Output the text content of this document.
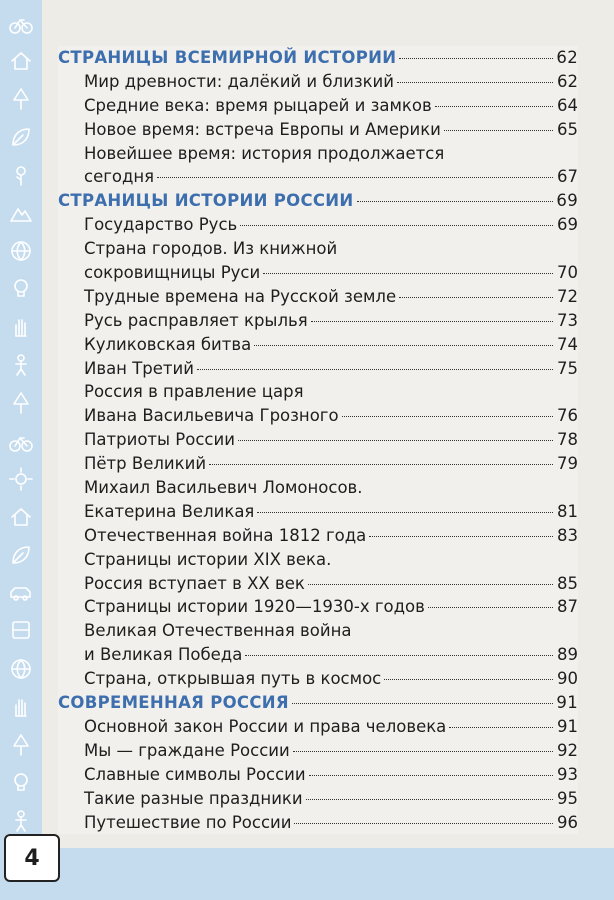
4
СТРАНИЦЫ ВСЕМИРНОЙ ИСТОРИИ	62
Мир древности: далёкий и близкий	62
Средние века: время рыцарей и замков	64
Новое время: встреча Европы и Америки	65
Новейшее время: история продолжается
сегодня	67
СТРАНИЦЫ ИСТОРИИ РОССИИ	69
Государство Русь	69
Страна городов. Из книжной
сокровищницы Руси	70
Трудные времена на Русской земле	72
Русь расправляет крылья	73
Куликовская битва	74
Иван Третий	75
Россия в правление царя
Ивана Васильевича Грозного	76
Патриоты России	78
Пётр Великий	79
Михаил Васильевич Ломоносов.
Екатерина Великая	81
Отечественная война 1812 года	83
Страницы истории XIX века.
Россия вступает в XX век	85
Страницы истории 1920—1930-х годов	87
Великая Отечественная война
и Великая Победа	89
Страна, открывшая путь в космос	90
СОВРЕМЕННАЯ РОССИЯ	91
Основной закон России и права человека	91
Мы — граждане России	92
Славные символы России	93
Такие разные праздники	95
Путешествие по России	96
